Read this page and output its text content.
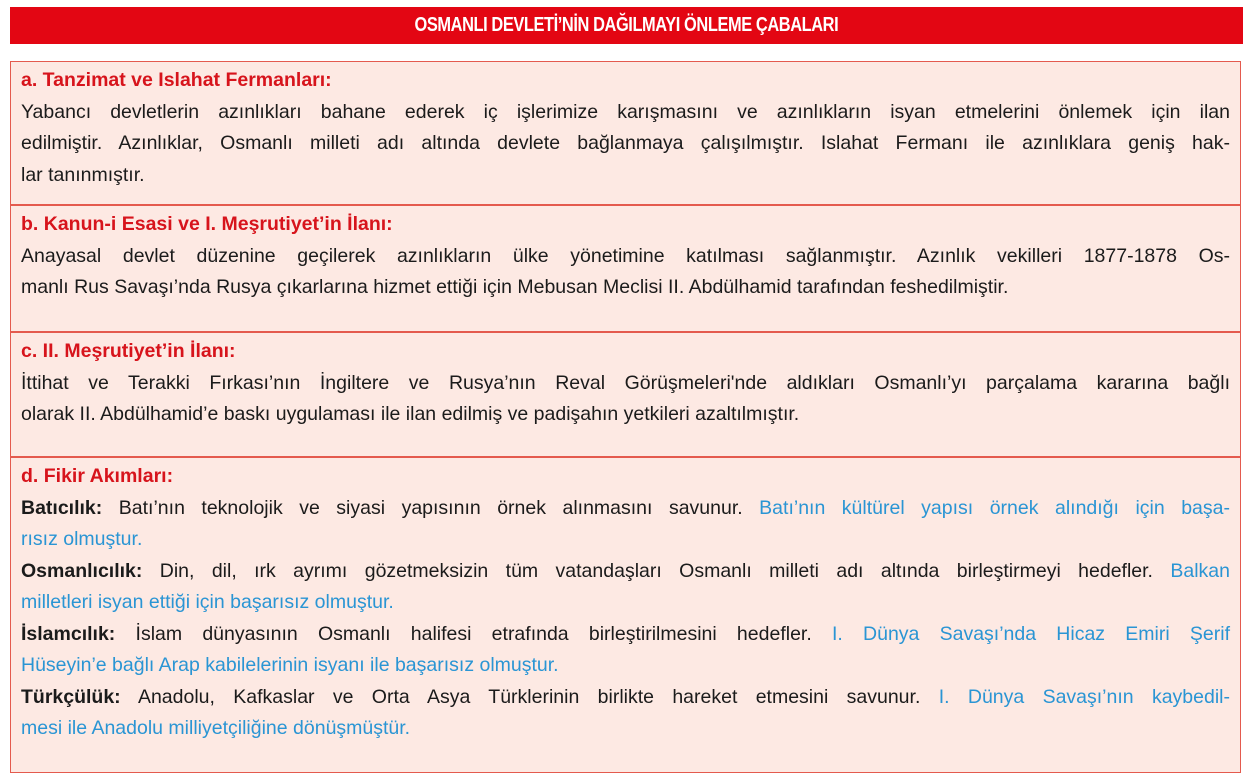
OSMANLI DEVLETİ’NİN DAĞILMAYI ÖNLEME ÇABALARI
a. Tanzimat ve Islahat Fermanları:
Yabancı devletlerin azınlıkları bahane ederek iç işlerimize karışmasını ve azınlıkların isyan etmelerini önlemek için ilan
edilmiştir. Azınlıklar, Osmanlı milleti adı altında devlete bağlanmaya çalışılmıştır. Islahat Fermanı ile azınlıklara geniş hak-
lar tanınmıştır.
b. Kanun-i Esasi ve I. Meşrutiyet’in İlanı:
Anayasal devlet düzenine geçilerek azınlıkların ülke yönetimine katılması sağlanmıştır. Azınlık vekilleri 1877-1878 Os-
manlı Rus Savaşı’nda Rusya çıkarlarına hizmet ettiği için Mebusan Meclisi II. Abdülhamid tarafından feshedilmiştir.
c. II. Meşrutiyet’in İlanı:
İttihat ve Terakki Fırkası’nın İngiltere ve Rusya’nın Reval Görüşmeleri'nde aldıkları Osmanlı’yı parçalama kararına bağlı
olarak II. Abdülhamid’e baskı uygulaması ile ilan edilmiş ve padişahın yetkileri azaltılmıştır.
d. Fikir Akımları:
Batıcılık: Batı’nın teknolojik ve siyasi yapısının örnek alınmasını savunur. Batı’nın kültürel yapısı örnek alındığı için başa-
rısız olmuştur.
Osmanlıcılık: Din, dil, ırk ayrımı gözetmeksizin tüm vatandaşları Osmanlı milleti adı altında birleştirmeyi hedefler. Balkan
milletleri isyan ettiği için başarısız olmuştur.
İslamcılık: İslam dünyasının Osmanlı halifesi etrafında birleştirilmesini hedefler. I. Dünya Savaşı’nda Hicaz Emiri Şerif
Hüseyin’e bağlı Arap kabilelerinin isyanı ile başarısız olmuştur.
Türkçülük: Anadolu, Kafkaslar ve Orta Asya Türklerinin birlikte hareket etmesini savunur. I. Dünya Savaşı’nın kaybedil-
mesi ile Anadolu milliyetçiliğine dönüşmüştür.
